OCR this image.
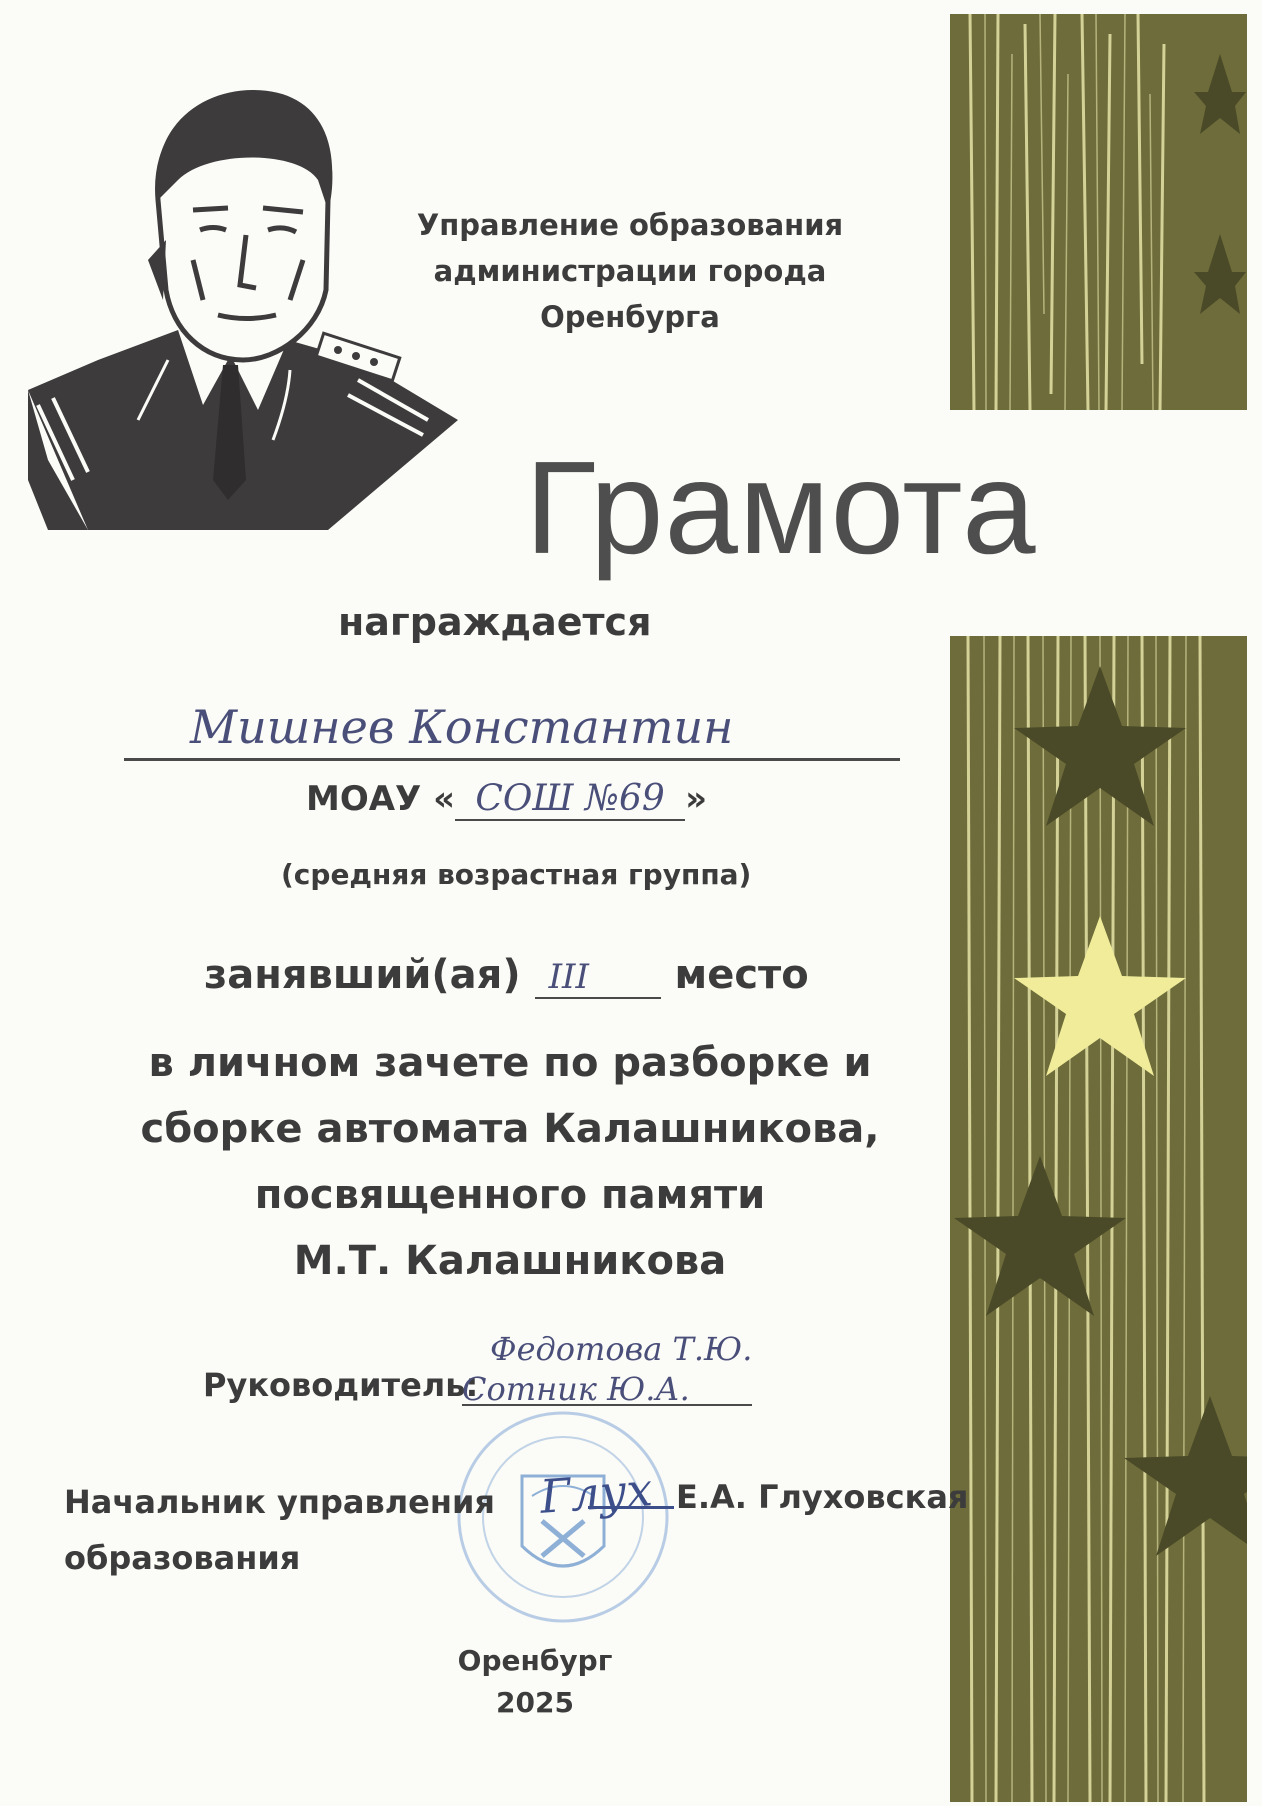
Управление образования
администрации города Оренбурга
Грамота
награждается
Мишнев Константин
МОАУ « СОШ №69 »
(средняя возрастная группа)
занявший(ая) III место
в личном зачете по разборке и
сборке автомата Калашникова,
посвященного памяти
М.Т. Калашникова
Руководитель:
Федотова Т.Ю.
Сотник Ю.А.
Начальник управления
образования
Глух Е.А. Глуховская
Оренбург
2025
